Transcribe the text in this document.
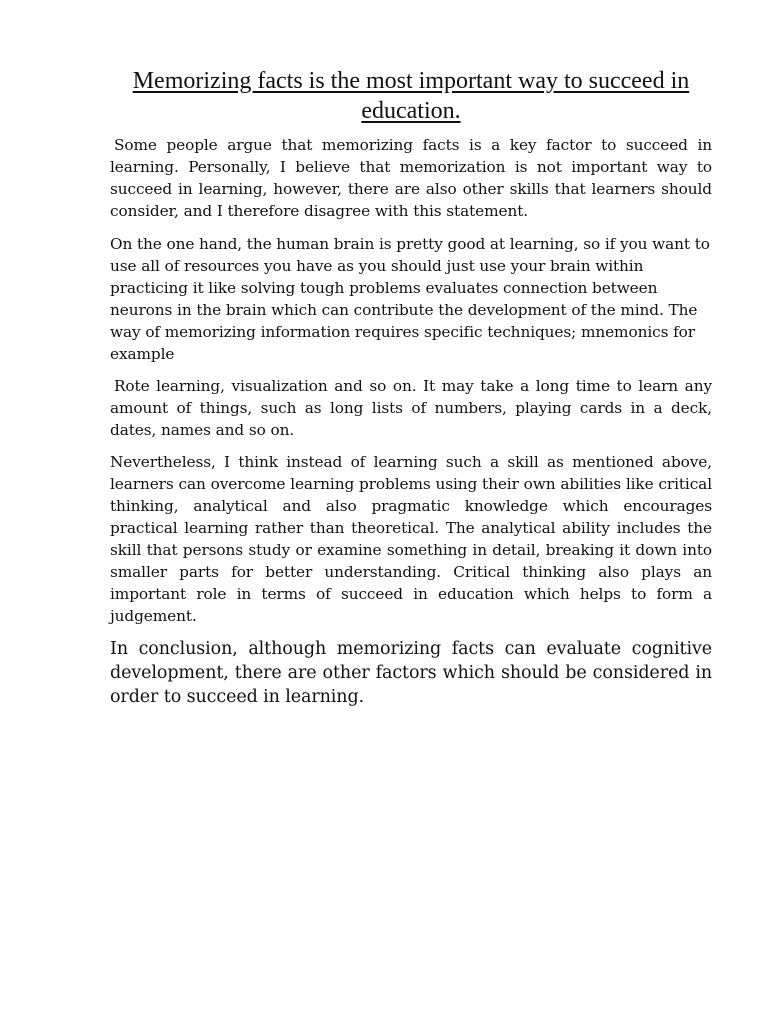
Memorizing facts is the most important way to succeed in education.

Some people argue that memorizing facts is a key factor to succeed in learning. Personally, I believe that memorization is not important way to succeed in learning, however, there are also other skills that learners should consider, and I therefore disagree with this statement.

On the one hand, the human brain is pretty good at learning, so if you want to use all of resources you have as you should just use your brain within practicing it like solving tough problems evaluates connection between neurons in the brain which can contribute the development of the mind. The way of memorizing information requires specific techniques; mnemonics for example

Rote learning, visualization and so on. It may take a long time to learn any amount of things, such as long lists of numbers, playing cards in a deck, dates, names and so on.

Nevertheless, I think instead of learning such a skill as mentioned above, learners can overcome learning problems using their own abilities like critical thinking, analytical and also pragmatic knowledge which encourages practical learning rather than theoretical. The analytical ability includes the skill that persons study or examine something in detail, breaking it down into smaller parts for better understanding. Critical thinking also plays an important role in terms of succeed in education which helps to form a judgement.

In conclusion, although memorizing facts can evaluate cognitive development, there are other factors which should be considered in order to succeed in learning.
